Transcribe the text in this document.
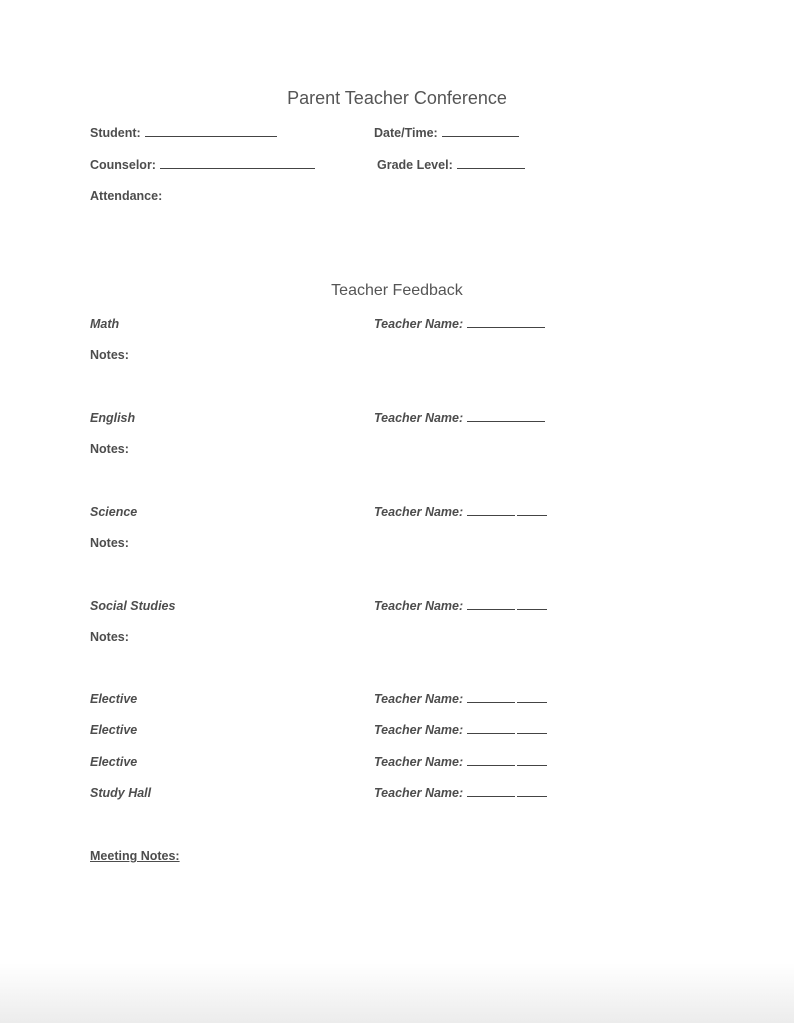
Parent Teacher Conference
Student:	Date/Time:
Counselor:	Grade Level:
Attendance:
Teacher Feedback
Math	Teacher Name:
Notes:
English	Teacher Name:
Notes:
Science	Teacher Name:
Notes:
Social Studies	Teacher Name:
Notes:
Elective	Teacher Name:
Elective	Teacher Name:
Elective	Teacher Name:
Study Hall	Teacher Name:
Meeting Notes:
